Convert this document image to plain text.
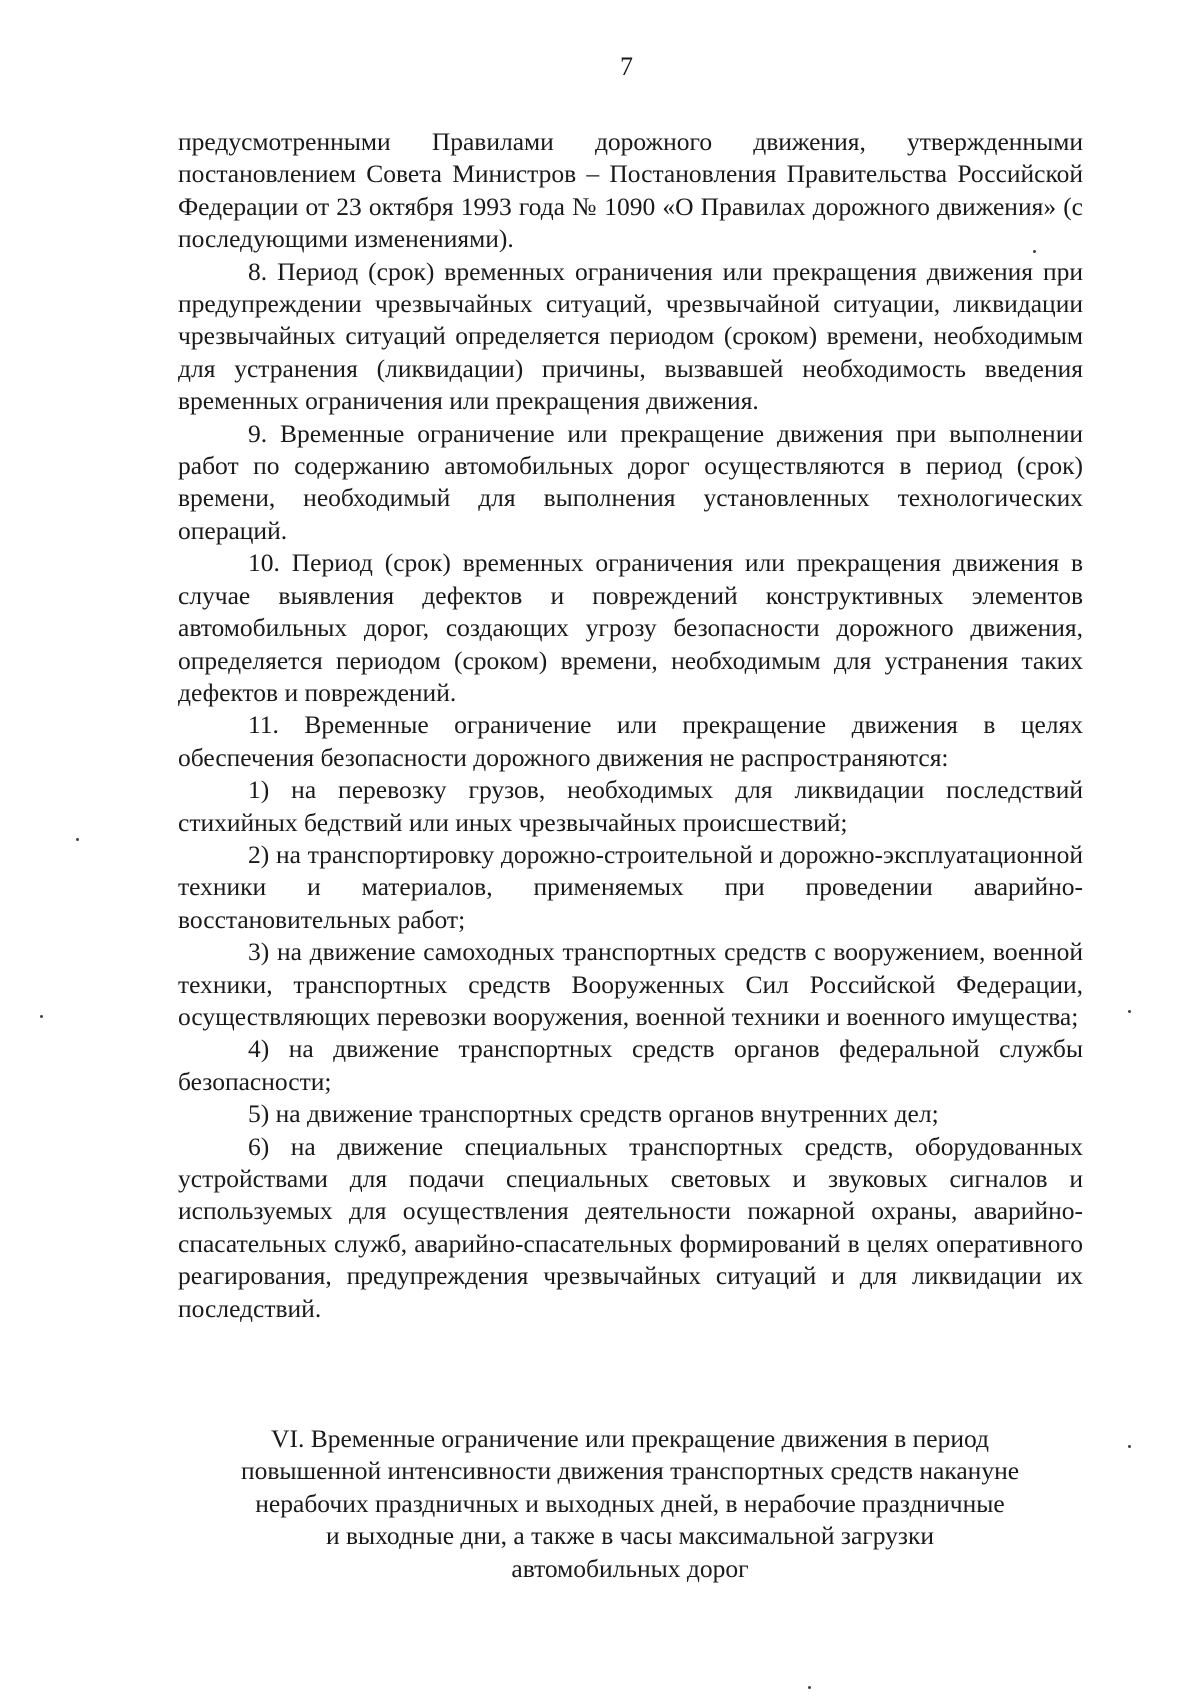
7

предусмотренными Правилами дорожного движения, утвержденными постановлением Совета Министров – Постановления Правительства Российской Федерации от 23 октября 1993 года № 1090 «О Правилах дорожного движения» (с последующими изменениями).

8. Период (срок) временных ограничения или прекращения движения при предупреждении чрезвычайных ситуаций, чрезвычайной ситуации, ликвидации чрезвычайных ситуаций определяется периодом (сроком) времени, необходимым для устранения (ликвидации) причины, вызвавшей необходимость введения временных ограничения или прекращения движения.

9. Временные ограничение или прекращение движения при выполнении работ по содержанию автомобильных дорог осуществляются в период (срок) времени, необходимый для выполнения установленных технологических операций.

10. Период (срок) временных ограничения или прекращения движения в случае выявления дефектов и повреждений конструктивных элементов автомобильных дорог, создающих угрозу безопасности дорожного движения, определяется периодом (сроком) времени, необходимым для устранения таких дефектов и повреждений.

11. Временные ограничение или прекращение движения в целях обеспечения безопасности дорожного движения не распространяются:

1) на перевозку грузов, необходимых для ликвидации последствий стихийных бедствий или иных чрезвычайных происшествий;

2) на транспортировку дорожно-строительной и дорожно-эксплуатационной техники и материалов, применяемых при проведении аварийно-восстановительных работ;

3) на движение самоходных транспортных средств с вооружением, военной техники, транспортных средств Вооруженных Сил Российской Федерации, осуществляющих перевозки вооружения, военной техники и военного имущества;

4) на движение транспортных средств органов федеральной службы безопасности;

5) на движение транспортных средств органов внутренних дел;

6) на движение специальных транспортных средств, оборудованных устройствами для подачи специальных световых и звуковых сигналов и используемых для осуществления деятельности пожарной охраны, аварийно-спасательных служб, аварийно-спасательных формирований в целях оперативного реагирования, предупреждения чрезвычайных ситуаций и для ликвидации их последствий.

VI. Временные ограничение или прекращение движения в период
повышенной интенсивности движения транспортных средств накануне
нерабочих праздничных и выходных дней, в нерабочие праздничные
и выходные дни, а также в часы максимальной загрузки
автомобильных дорог
